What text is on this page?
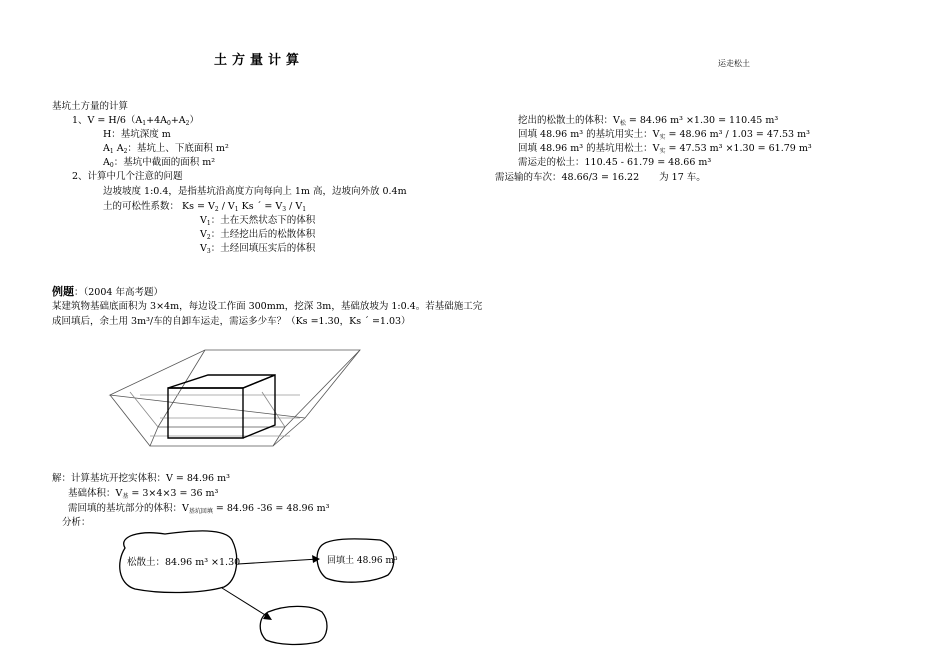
土方量计算	运走松土
基坑土方量的计算
1、$V = H/6(A_1+4A_0+A_2)$
H：基坑深度 m
$A_1$ $A_2$：基坑上、下底面积 m²
$A_0$：基坑中截面的面积 m²
2、计算中几个注意的问题
边坡坡度 1:0.4，是指基坑沿高度方向每向上 1m 高，边坡向外放 0.4m
土的可松性系数： $Ks = V_2 / V_1$ Ks ´ = $V_3 / V_1$
$V_1$：土在天然状态下的体积
$V_2$：土经挖出后的松散体积
$V_3$：土经回填压实后的体积
例题：（2004 年高考题）
某建筑物基础底面积为 3×4m，每边设工作面 300mm，挖深 3m，基础放坡为 1:0.4。若基础施工完
成回填后，余土用 3m³/车的自卸车运走，需运多少车？（Ks =1.30，Ks ´ =1.03）
解：计算基坑开挖实体积：V = 84.96 m³
基础体积：$V_基 = 3\times 4\times 3 = 36$ m³
需回填的基坑部分的体积：$V_{基坑回填} = 84.96$ -36 = 48.96 m³
分析：
松散土：84.96 m³ ×1.30	回填土 48.96 m³
挖出的松散土的体积：$V_松 = 84.96$ m³ ×1.30 = 110.45 m³
回填 48.96 m³ 的基坑用实土：$V_实 = 48.96$ m³ / 1.03 = 47.53 m³
回填 48.96 m³ 的基坑用松土：$V_实 = 47.53$ m³ ×1.30 = 61.79 m³
需运走的松土：110.45 - 61.79 = 48.66 m³
需运输的车次：48.66/3 = 16.22 为 17 车。
